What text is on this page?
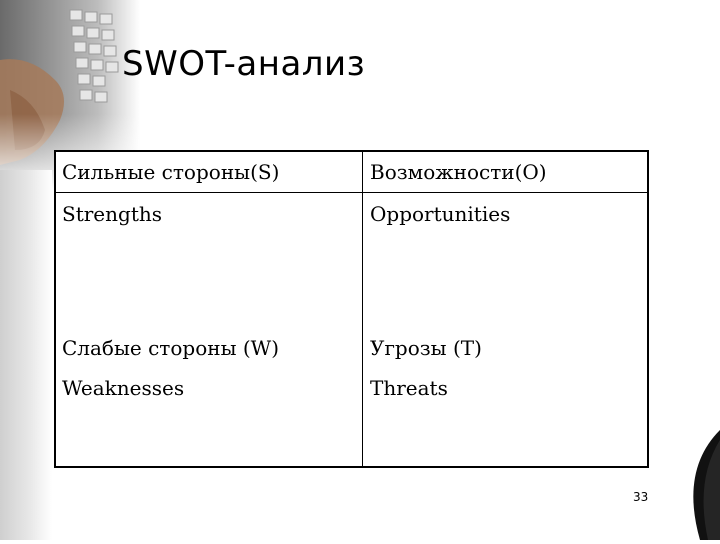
SWOT-анализ
Сильные стороны(S)	Возможности(O)
Strengths	Opportunities
Слабые стороны (W)	Угрозы (T)
Weaknesses	Threats
33
